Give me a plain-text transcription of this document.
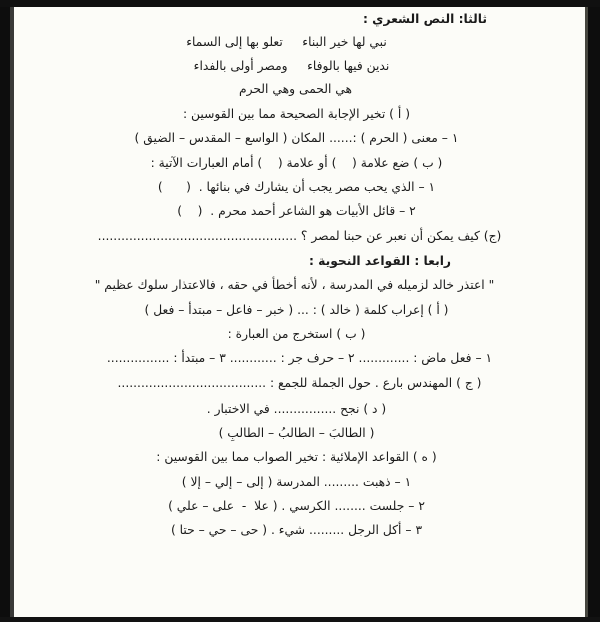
ثالثا: النص الشعري :

نبي لها خير البناء     تعلو بها إلى السماء

ندين فيها بالوفاء     ومصر أولى بالفداء

هي الحمى وهي الحرم

( أ ) تخير الإجابة الصحيحة مما بين القوسين :

١ – معنى ( الحرم ) :...... المكان ( الواسع – المقدس – الضيق )

( ب ) ضع علامة (    ) أو علامة (    ) أمام العبارات الآتية :

١ – الذي يحب مصر يجب أن يشارك في بنائها .  (      )

٢ – قائل الأبيات هو الشاعر أحمد محرم .  (    )

(ج) كيف يمكن أن نعبر عن حبنا لمصر ؟ ...................................................

رابعا : القواعد النحوية :

" اعتذر خالد لزميله في المدرسة ، لأنه أخطأ في حقه ، فالاعتذار سلوك عظيم "

( أ ) إعراب كلمة ( خالد ) : ... ( خبر – فاعل – مبتدأ – فعل )

( ب ) استخرج من العبارة :

١ – فعل ماض : ............. ٢ – حرف جر : ............ ٣ – مبتدأ : ................

( ج ) المهندس بارع . حول الجملة للجمع : ......................................

( د ) نجح ................ في الاختبار .

( الطالبَ – الطالبُ – الطالبِ )

( ه ) القواعد الإملائية : تخير الصواب مما بين القوسين :

١ – ذهبت ......... المدرسة ( إلى – إلي – إلا )

٢ – جلست ........ الكرسي . ( علا  -  على – علي )

٣ – أكل الرجل ......... شيء . ( حى – حي – حتا )
